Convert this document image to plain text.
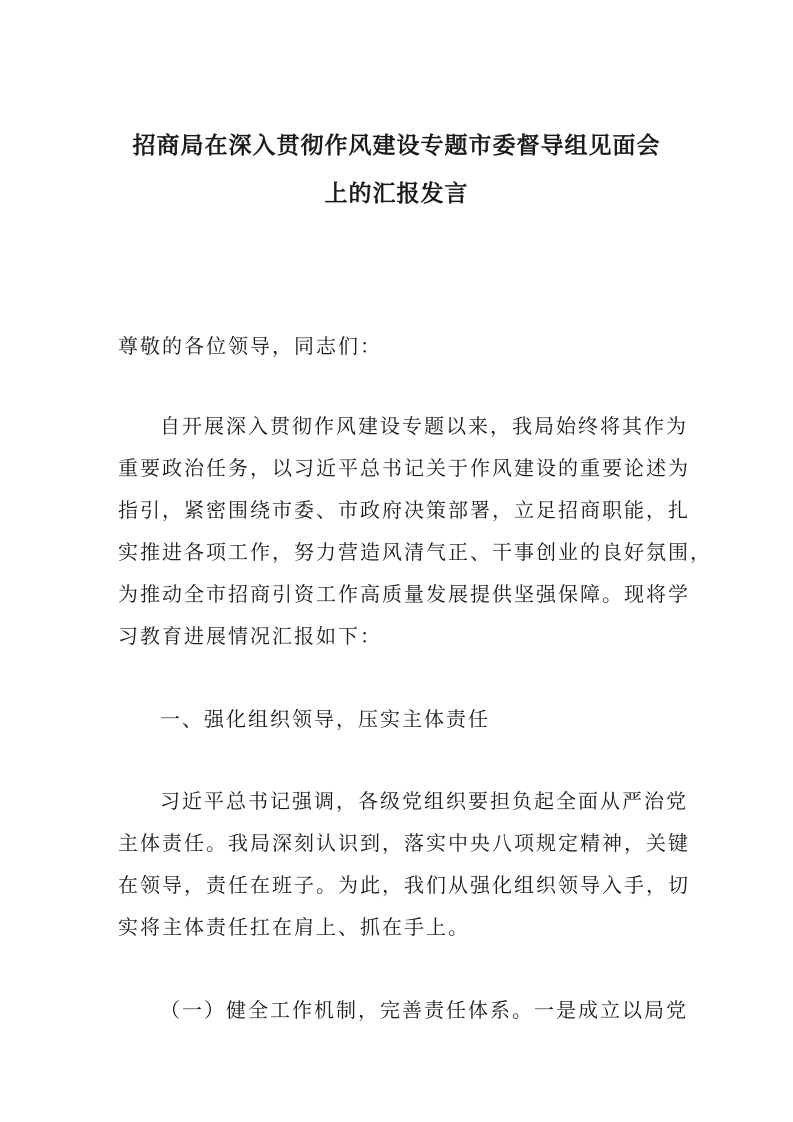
招商局在深入贯彻作风建设专题市委督导组见面会
上的汇报发言
尊敬的各位领导，同志们：
自开展深入贯彻作风建设专题以来，我局始终将其作为
重要政治任务，以习近平总书记关于作风建设的重要论述为
指引，紧密围绕市委、市政府决策部署，立足招商职能，扎
实推进各项工作，努力营造风清气正、干事创业的良好氛围，
为推动全市招商引资工作高质量发展提供坚强保障。现将学
习教育进展情况汇报如下：
一、强化组织领导，压实主体责任
习近平总书记强调，各级党组织要担负起全面从严治党
主体责任。我局深刻认识到，落实中央八项规定精神，关键
在领导，责任在班子。为此，我们从强化组织领导入手，切
实将主体责任扛在肩上、抓在手上。
（一）健全工作机制，完善责任体系。一是成立以局党
